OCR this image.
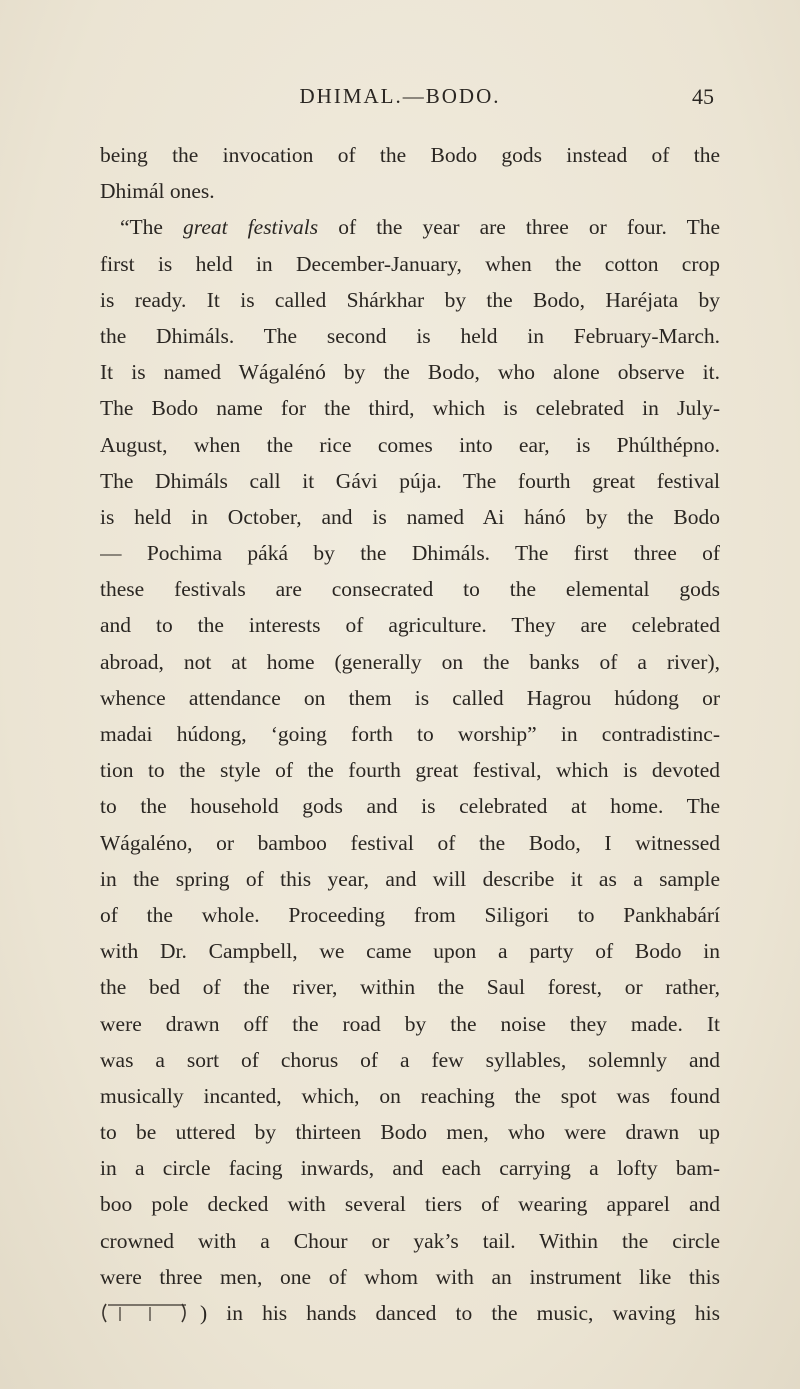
DHIMAL.—BODO.	45
being the invocation of the Bodo gods instead of the
Dhimál ones.
“The great festivals of the year are three or four. The
first is held in December-January, when the cotton crop
is ready. It is called Shárkhar by the Bodo, Haréjata by
the Dhimáls. The second is held in February-March.
It is named Wágalénó by the Bodo, who alone observe it.
The Bodo name for the third, which is celebrated in July-
August, when the rice comes into ear, is Phúlthépno.
The Dhimáls call it Gávi púja. The fourth great festival
is held in October, and is named Ai hánó by the Bodo
— Pochima páká by the Dhimáls. The first three of
these festivals are consecrated to the elemental gods
and to the interests of agriculture. They are celebrated
abroad, not at home (generally on the banks of a river),
whence attendance on them is called Hagrou húdong or
madai húdong, ‘going forth to worship” in contradistinc-
tion to the style of the fourth great festival, which is devoted
to the household gods and is celebrated at home. The
Wágaléno, or bamboo festival of the Bodo, I witnessed
in the spring of this year, and will describe it as a sample
of the whole. Proceeding from Siligori to Pankhabárí
with Dr. Campbell, we came upon a party of Bodo in
the bed of the river, within the Saul forest, or rather,
were drawn off the road by the noise they made. It
was a sort of chorus of a few syllables, solemnly and
musically incanted, which, on reaching the spot was found
to be uttered by thirteen Bodo men, who were drawn up
in a circle facing inwards, and each carrying a lofty bam-
boo pole decked with several tiers of wearing apparel and
crowned with a Chour or yak’s tail. Within the circle
were three men, one of whom with an instrument like this
) in his hands danced to the music, waving his
